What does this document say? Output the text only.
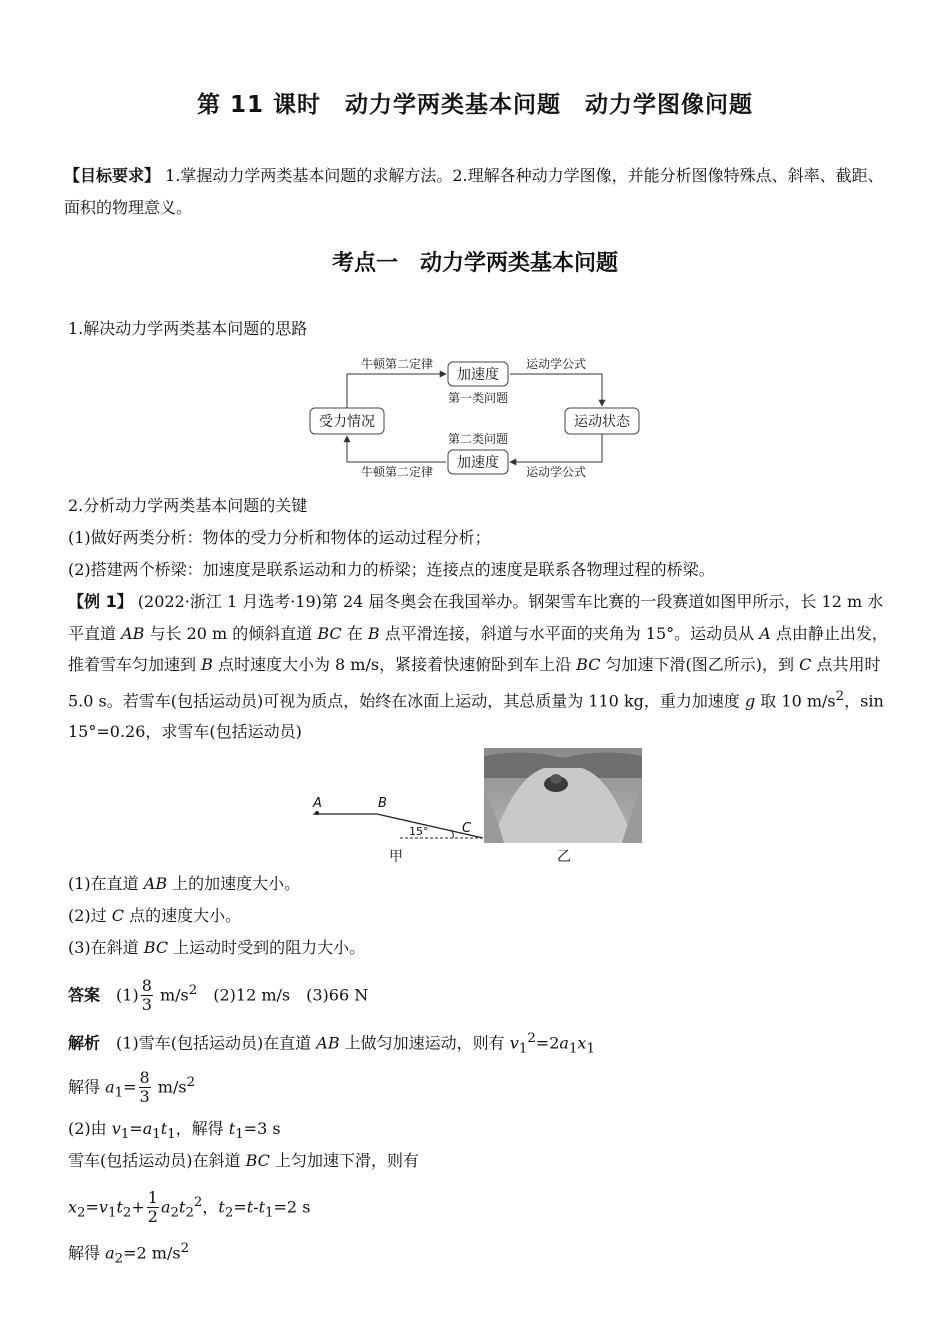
第 11 课时　动力学两类基本问题　动力学图像问题
【目标要求】 1.掌握动力学两类基本问题的求解方法。2.理解各种动力学图像，并能分析图像特殊点、斜率、截距、面积的物理意义。
考点一　动力学两类基本问题
1.解决动力学两类基本问题的思路
受力情况	运动状态
加速度
加速度
牛顿第二定律	运动学公式
第一类问题
第二类问题
牛顿第二定律	运动学公式
2.分析动力学两类基本问题的关键
(1)做好两类分析：物体的受力分析和物体的运动过程分析；
(2)搭建两个桥梁：加速度是联系运动和力的桥梁；连接点的速度是联系各物理过程的桥梁。
【例 1】 (2022·浙江 1 月选考·19)第 24 届冬奥会在我国举办。钢架雪车比赛的一段赛道如图甲所示，长 12 m 水平直道 AB 与长 20 m 的倾斜直道 BC 在 B 点平滑连接，斜道与水平面的夹角为 15°。运动员从 A 点由静止出发，推着雪车匀加速到 B 点时速度大小为 8 m/s，紧接着快速俯卧到车上沿 BC 匀加速下滑(图乙所示)，到 C 点共用时 5.0 s。若雪车(包括运动员)可视为质点，始终在冰面上运动，其总质量为 110 kg，重力加速度 g 取 10 $m/s^2$，sin 15°=0.26，求雪车(包括运动员)
A	B
C
15°
甲	乙
(1)在直道 AB 上的加速度大小。
(2)过 C 点的速度大小。
(3)在斜道 BC 上运动时受到的阻力大小。
答案　 $(1) \frac{8}{3} m/s^2$　(2)12 m/s　(3)66 N
解析　 (1)雪车(包括运动员)在直道 AB 上做匀加速运动，则有 $v_1^2=2a_1x_1$
解得 $a_1= \frac{8}{3} m/s^2$
(2)由 $v_1=a_1t_1$，解得 $t_1=3$ s
雪车(包括运动员)在斜道 BC 上匀加速下滑，则有
$x_2=v_1t_2+ \frac{1}{2} a_2t_2^2$，$t_2=t-t_1=2$ s
解得 $a_2=2$ $m/s^2$
